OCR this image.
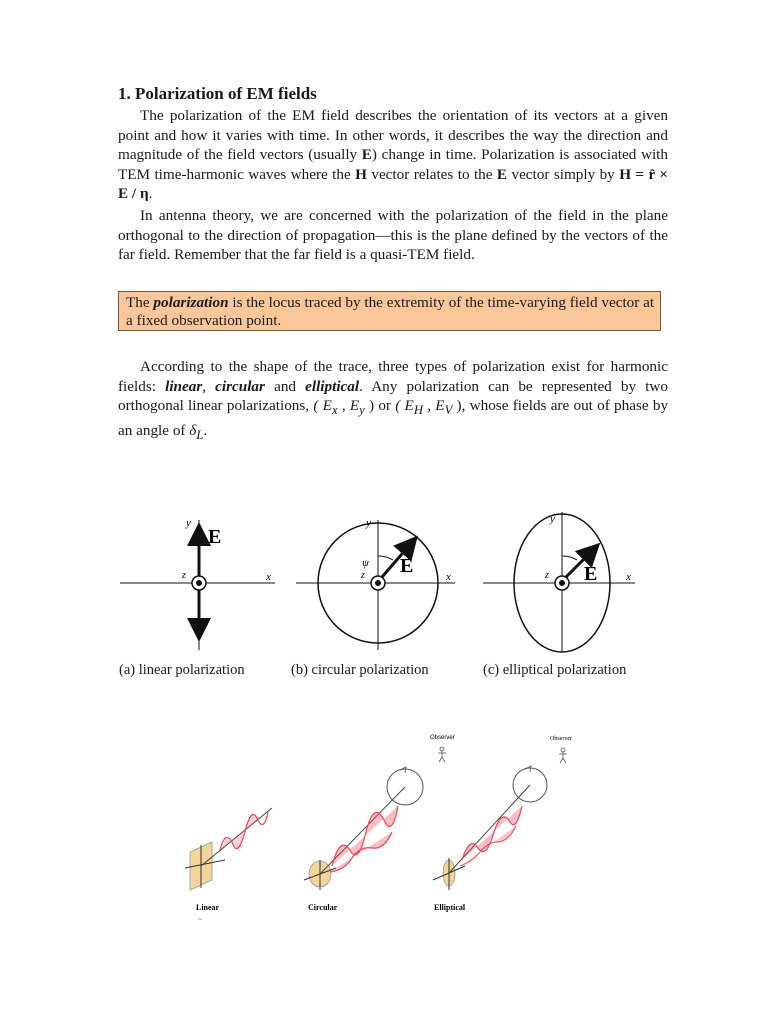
1. Polarization of EM fields

The polarization of the EM field describes the orientation of its vectors at a given point and how it varies with time. In other words, it describes the way the direction and magnitude of the field vectors (usually E) change in time. Polarization is associated with TEM time-harmonic waves where the H vector relates to the E vector simply by H = r̂ × E / η.

In antenna theory, we are concerned with the polarization of the field in the plane orthogonal to the direction of propagation—this is the plane defined by the vectors of the far field. Remember that the far field is a quasi-TEM field.

The polarization is the locus traced by the extremity of the time-varying field vector at a fixed observation point.

According to the shape of the trace, three types of polarization exist for harmonic fields: linear, circular and elliptical. Any polarization can be represented by two orthogonal linear polarizations, ( $E_x$ , $E_y$ ) or ( $E_H$ , $E_V$ ), whose fields are out of phase by an angle of $\delta_L$.

y
x
z
E
y
x
z
ψ E
y
x
z E
(a) linear polarization	(b) circular polarization	(c) elliptical polarization
Observer	Observer
Linear	Circular	Elliptical
~
